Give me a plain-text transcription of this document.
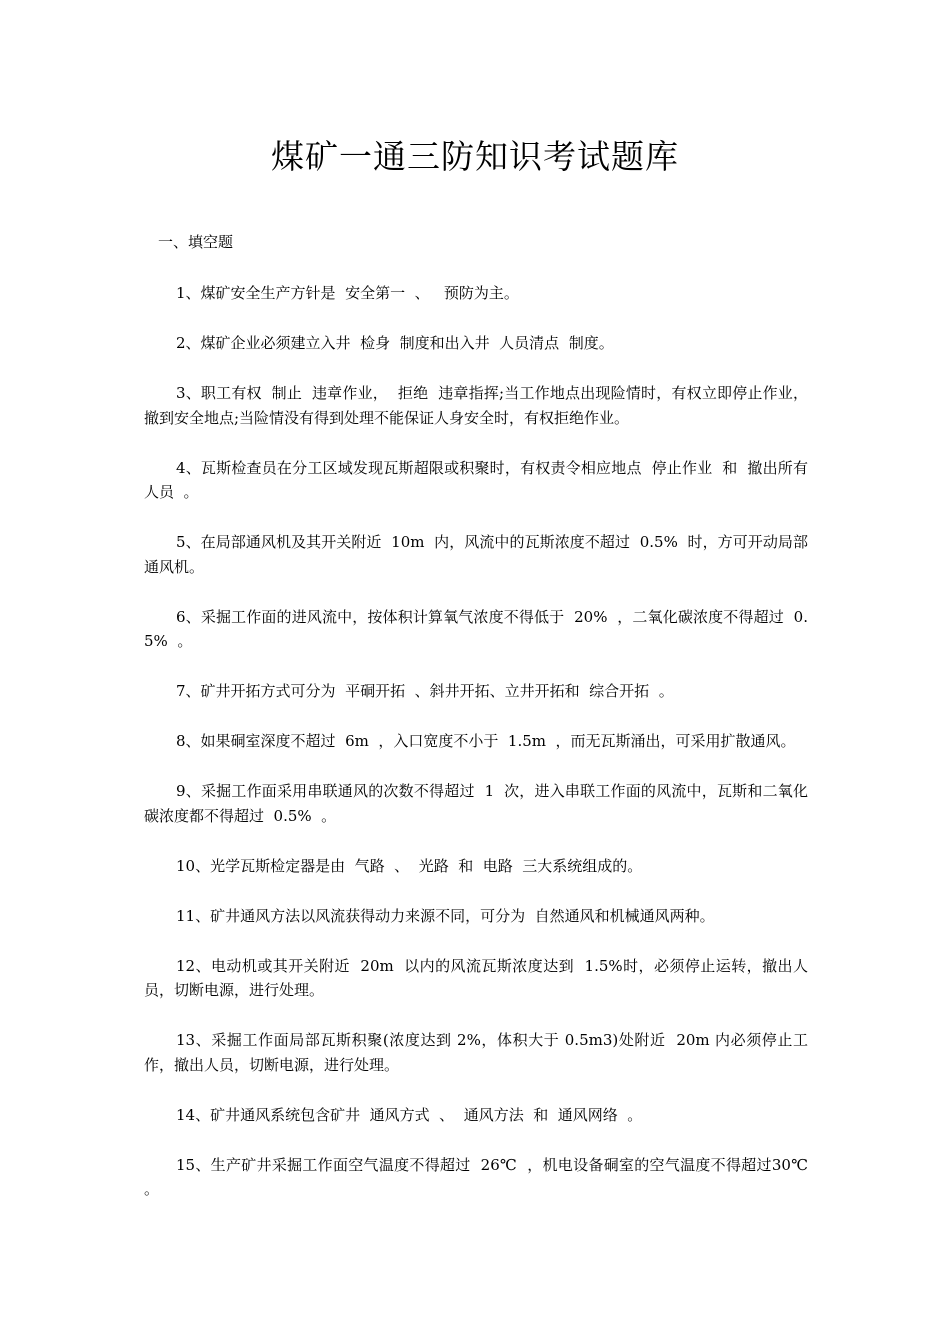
煤矿一通三防知识考试题库
一、填空题
1、煤矿安全生产方针是  安全第一  、   预防为主。
2、煤矿企业必须建立入井  检身  制度和出入井  人员清点  制度。
3、职工有权  制止  违章作业，  拒绝  违章指挥;当工作地点出现险情时，有权立即停止作业，撤到安全地点;当险情没有得到处理不能保证人身安全时，有权拒绝作业。
4、瓦斯检查员在分工区域发现瓦斯超限或积聚时，有权责令相应地点  停止作业  和  撤出所有人员  。
5、在局部通风机及其开关附近  10m  内，风流中的瓦斯浓度不超过  0.5%  时，方可开动局部通风机。
6、采掘工作面的进风流中，按体积计算氧气浓度不得低于  20%  ，二氧化碳浓度不得超过  0. 5%  。
7、矿井开拓方式可分为  平硐开拓  、斜井开拓、立井开拓和  综合开拓  。
8、如果硐室深度不超过  6m  ，入口宽度不小于  1.5m  ，而无瓦斯涌出，可采用扩散通风。
9、采掘工作面采用串联通风的次数不得超过  1  次，进入串联工作面的风流中，瓦斯和二氧化碳浓度都不得超过  0.5%  。
10、光学瓦斯检定器是由  气路  、  光路  和  电路  三大系统组成的。
11、矿井通风方法以风流获得动力来源不同，可分为  自然通风和机械通风两种。
12、电动机或其开关附近  20m  以内的风流瓦斯浓度达到  1.5%时，必须停止运转，撤出人员，切断电源，进行处理。
13、采掘工作面局部瓦斯积聚(浓度达到 2%，体积大于 0.5m3)处附近  20m 内必须停止工作，撤出人员，切断电源，进行处理。
14、矿井通风系统包含矿井  通风方式  、  通风方法  和  通风网络  。
15、生产矿井采掘工作面空气温度不得超过  26℃  ，机电设备硐室的空气温度不得超过30℃  。
